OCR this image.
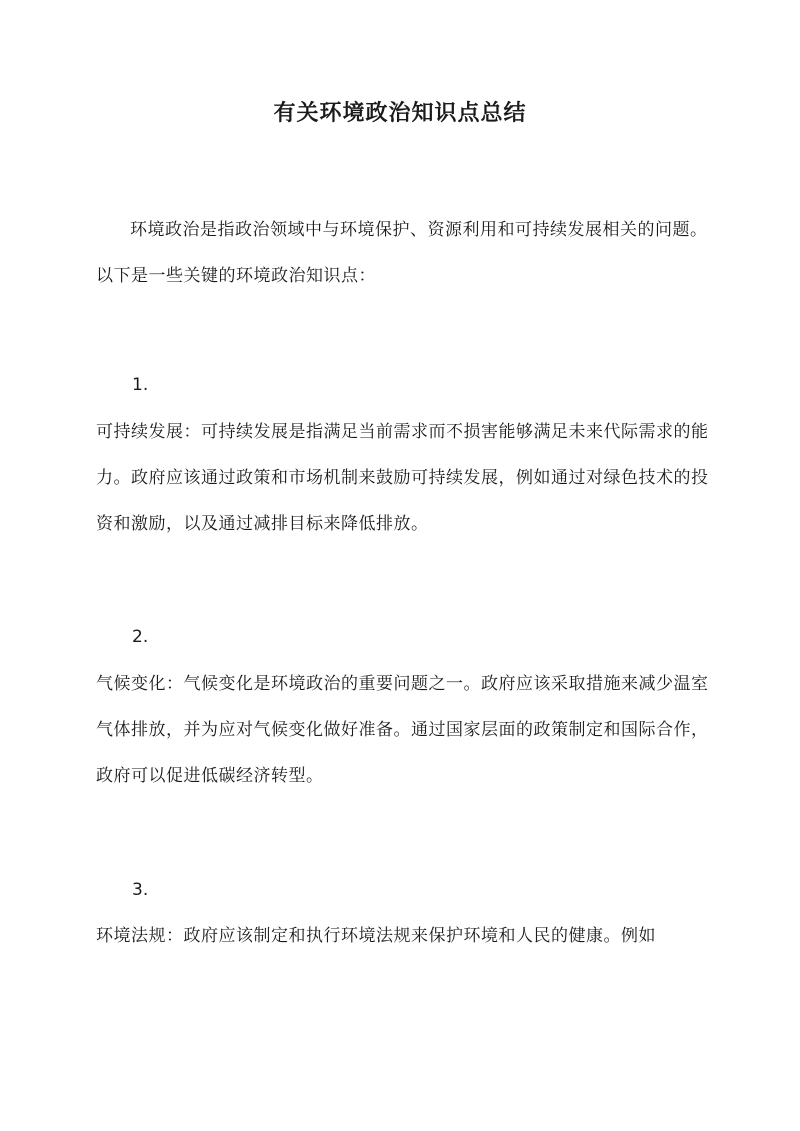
有关环境政治知识点总结
环境政治是指政治领域中与环境保护、资源利用和可持续发展相关的问题。以下是一些关键的环境政治知识点：
1.
可持续发展：可持续发展是指满足当前需求而不损害能够满足未来代际需求的能力。政府应该通过政策和市场机制来鼓励可持续发展，例如通过对绿色技术的投资和激励，以及通过减排目标来降低排放。
2.
气候变化：气候变化是环境政治的重要问题之一。政府应该采取措施来减少温室气体排放，并为应对气候变化做好准备。通过国家层面的政策制定和国际合作，政府可以促进低碳经济转型。
3.
环境法规：政府应该制定和执行环境法规来保护环境和人民的健康。例如
